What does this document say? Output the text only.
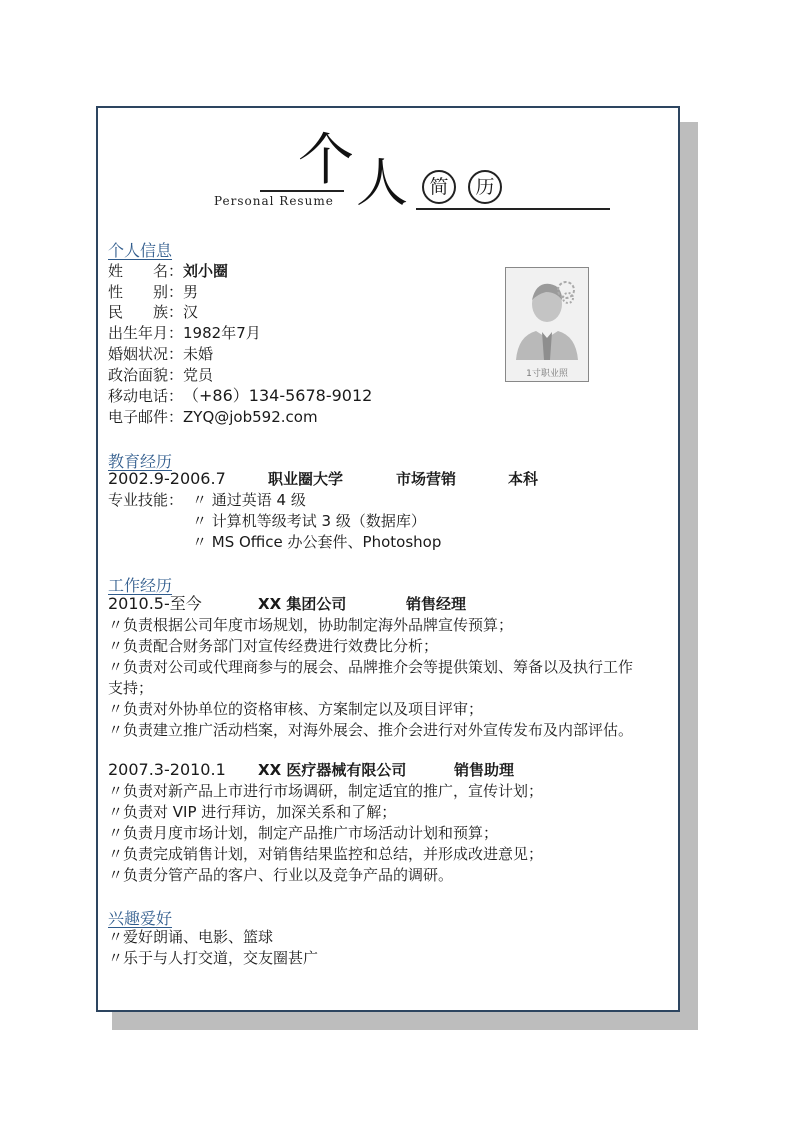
个 人
Personal Resume
简	历
个人信息
姓　　名：刘小圈
性　　别：男
民　　族：汉
出生年月：1982年7月
婚姻状况：未婚
政治面貌：党员
移动电话：（+86）134-5678-9012
电子邮件：ZYQ@job592.com
1寸职业照
教育经历
2002.9-2006.7	职业圈大学	市场营销	本科
专业技能： 〃 通过英语 4 级
〃 计算机等级考试 3 级（数据库）
〃 MS Office 办公套件、Photoshop
工作经历
2010.5-至今	XX 集团公司	销售经理
〃负责根据公司年度市场规划，协助制定海外品牌宣传预算；
〃负责配合财务部门对宣传经费进行效费比分析；
〃负责对公司或代理商参与的展会、品牌推介会等提供策划、筹备以及执行工作
支持；
〃负责对外协单位的资格审核、方案制定以及项目评审；
〃负责建立推广活动档案，对海外展会、推介会进行对外宣传发布及内部评估。
2007.3-2010.1 XX 医疗器械有限公司	销售助理
〃负责对新产品上市进行市场调研，制定适宜的推广，宣传计划；
〃负责对 VIP 进行拜访，加深关系和了解；
〃负责月度市场计划，制定产品推广市场活动计划和预算；
〃负责完成销售计划，对销售结果监控和总结，并形成改进意见；
〃负责分管产品的客户、行业以及竞争产品的调研。
兴趣爱好
〃爱好朗诵、电影、篮球
〃乐于与人打交道，交友圈甚广
